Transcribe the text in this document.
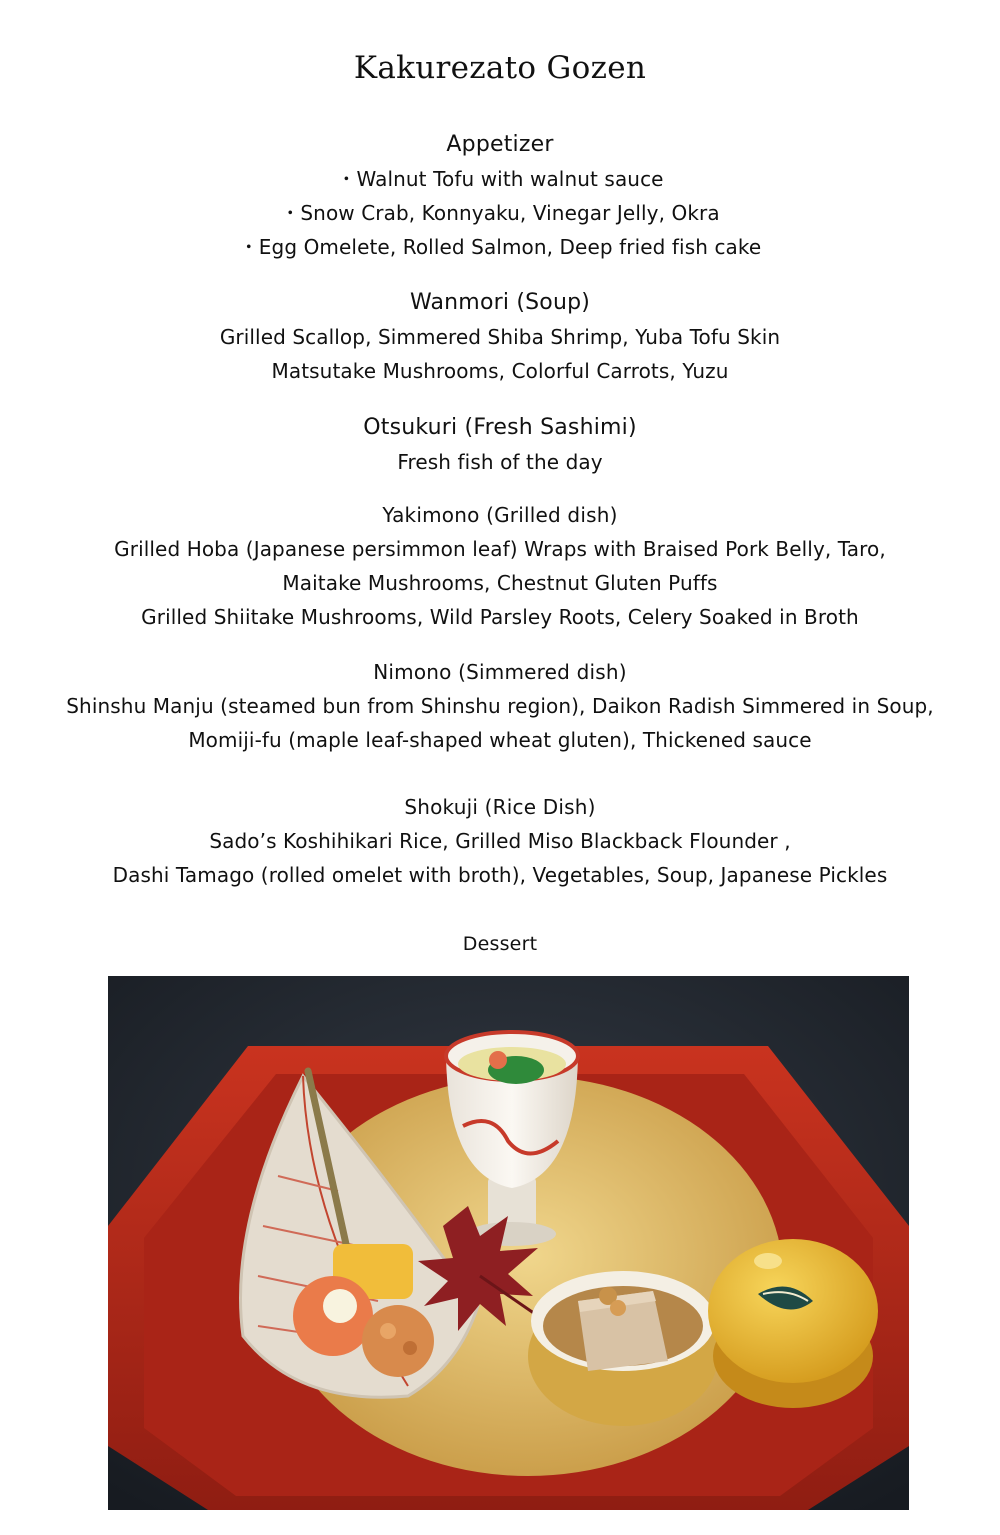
Kakurezato Gozen
Appetizer
・Walnut Tofu with walnut sauce
・Snow Crab, Konnyaku, Vinegar Jelly, Okra
・Egg Omelete, Rolled Salmon, Deep fried fish cake
Wanmori (Soup)
Grilled Scallop, Simmered Shiba Shrimp, Yuba Tofu Skin
Matsutake Mushrooms, Colorful Carrots, Yuzu
Otsukuri (Fresh Sashimi)
Fresh fish of the day
Yakimono (Grilled dish)
Grilled Hoba (Japanese persimmon leaf) Wraps with Braised Pork Belly, Taro,
Maitake Mushrooms, Chestnut Gluten Puffs
Grilled Shiitake Mushrooms, Wild Parsley Roots, Celery Soaked in Broth
Nimono (Simmered dish)
Shinshu Manju (steamed bun from Shinshu region), Daikon Radish Simmered in Soup,
Momiji-fu (maple leaf-shaped wheat gluten), Thickened sauce
Shokuji (Rice Dish)
Sado’s Koshihikari Rice, Grilled Miso Blackback Flounder ,
Dashi Tamago (rolled omelet with broth), Vegetables, Soup, Japanese Pickles
Dessert
